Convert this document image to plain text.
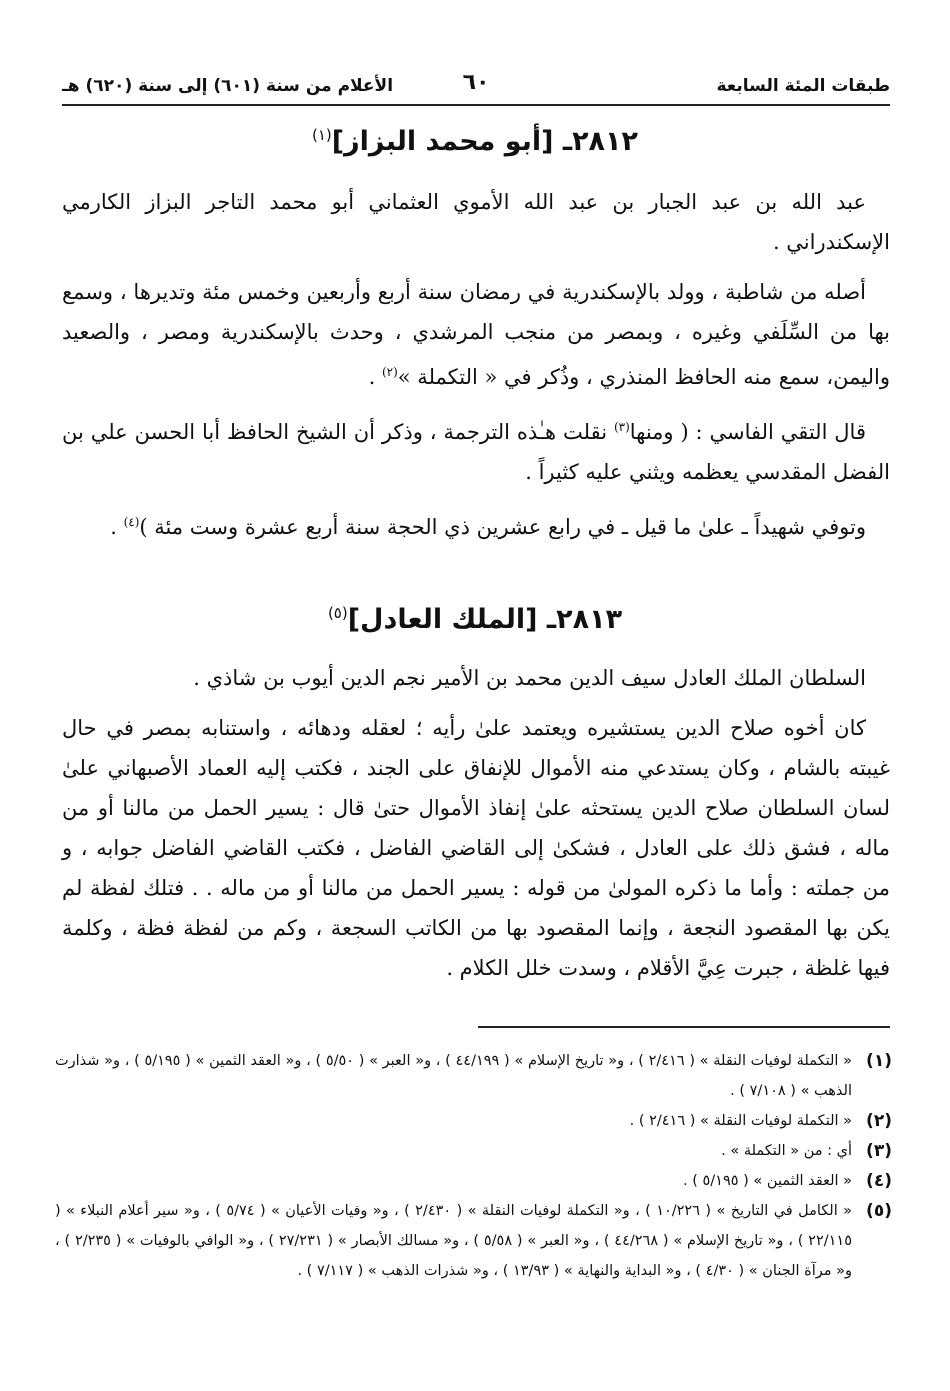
طبقات المئة السابعة
٦٠
الأعلام من سنة (٦٠١) إلى سنة (٦٢٠) هـ
٢٨١٢ـ [أبو محمد البزاز]$^{(١)}$

عبد الله بن عبد الجبار بن عبد الله الأموي العثماني أبو محمد التاجر البزاز الكارمي الإسكندراني .

أصله من شاطبة ، وولد بالإسكندرية في رمضان سنة أربع وأربعين وخمس مئة وتديرها ، وسمع بها من السِّلَفي وغيره ، وبمصر من منجب المرشدي ، وحدث بالإسكندرية ومصر ، والصعيد واليمن، سمع منه الحافظ المنذري ، وذُكر في « التكملة »$^{(٢)}$ .

قال التقي الفاسي : ( ومنها$^{(٣)}$ نقلت هـٰذه الترجمة ، وذكر أن الشيخ الحافظ أبا الحسن علي بن الفضل المقدسي يعظمه ويثني عليه كثيراً .

وتوفي شهيداً ـ علىٰ ما قيل ـ في رابع عشرين ذي الحجة سنة أربع عشرة وست مئة )$^{(٤)}$ .

٢٨١٣ـ [الملك العادل]$^{(٥)}$

السلطان الملك العادل سيف الدين محمد بن الأمير نجم الدين أيوب بن شاذي .

كان أخوه صلاح الدين يستشيره ويعتمد علىٰ رأيه ؛ لعقله ودهائه ، واستنابه بمصر في حال غيبته بالشام ، وكان يستدعي منه الأموال للإنفاق على الجند ، فكتب إليه العماد الأصبهاني علىٰ لسان السلطان صلاح الدين يستحثه علىٰ إنفاذ الأموال حتىٰ قال : يسير الحمل من مالنا أو من ماله ، فشق ذلك على العادل ، فشكىٰ إلى القاضي الفاضل ، فكتب القاضي الفاضل جوابه ، و من جملته : وأما ما ذكره المولىٰ من قوله : يسير الحمل من مالنا أو من ماله . . فتلك لفظة لم يكن بها المقصود النجعة ، وإنما المقصود بها من الكاتب السجعة ، وكم من لفظة فظة ، وكلمة فيها غلظة ، جبرت عِيَّ الأقلام ، وسدت خلل الكلام .

(١)
« التكملة لوفيات النقلة » ( ٢/٤١٦ ) ، و« تاريخ الإسلام » ( ٤٤/١٩٩ ) ، و« العبر » ( ٥/٥٠ ) ، و« العقد الثمين » ( ٥/١٩٥ ) ، و« شذارت الذهب » ( ٧/١٠٨ ) .
(٢)
« التكملة لوفيات النقلة » ( ٢/٤١٦ ) .
(٣)
أي : من « التكملة » .
(٤)
« العقد الثمين » ( ٥/١٩٥ ) .
(٥)
« الكامل في التاريخ » ( ١٠/٢٢٦ ) ، و« التكملة لوفيات النقلة » ( ٢/٤٣٠ ) ، و« وفيات الأعيان » ( ٥/٧٤ ) ، و« سير أعلام النبلاء » ( ٢٢/١١٥ ) ، و« تاريخ الإسلام » ( ٤٤/٢٦٨ ) ، و« العبر » ( ٥/٥٨ ) ، و« مسالك الأبصار » ( ٢٧/٢٣١ ) ، و« الوافي بالوفيات » ( ٢/٢٣٥ ) ، و« مرآة الجنان » ( ٤/٣٠ ) ، و« البداية والنهاية » ( ١٣/٩٣ ) ، و« شذرات الذهب » ( ٧/١١٧ ) .
